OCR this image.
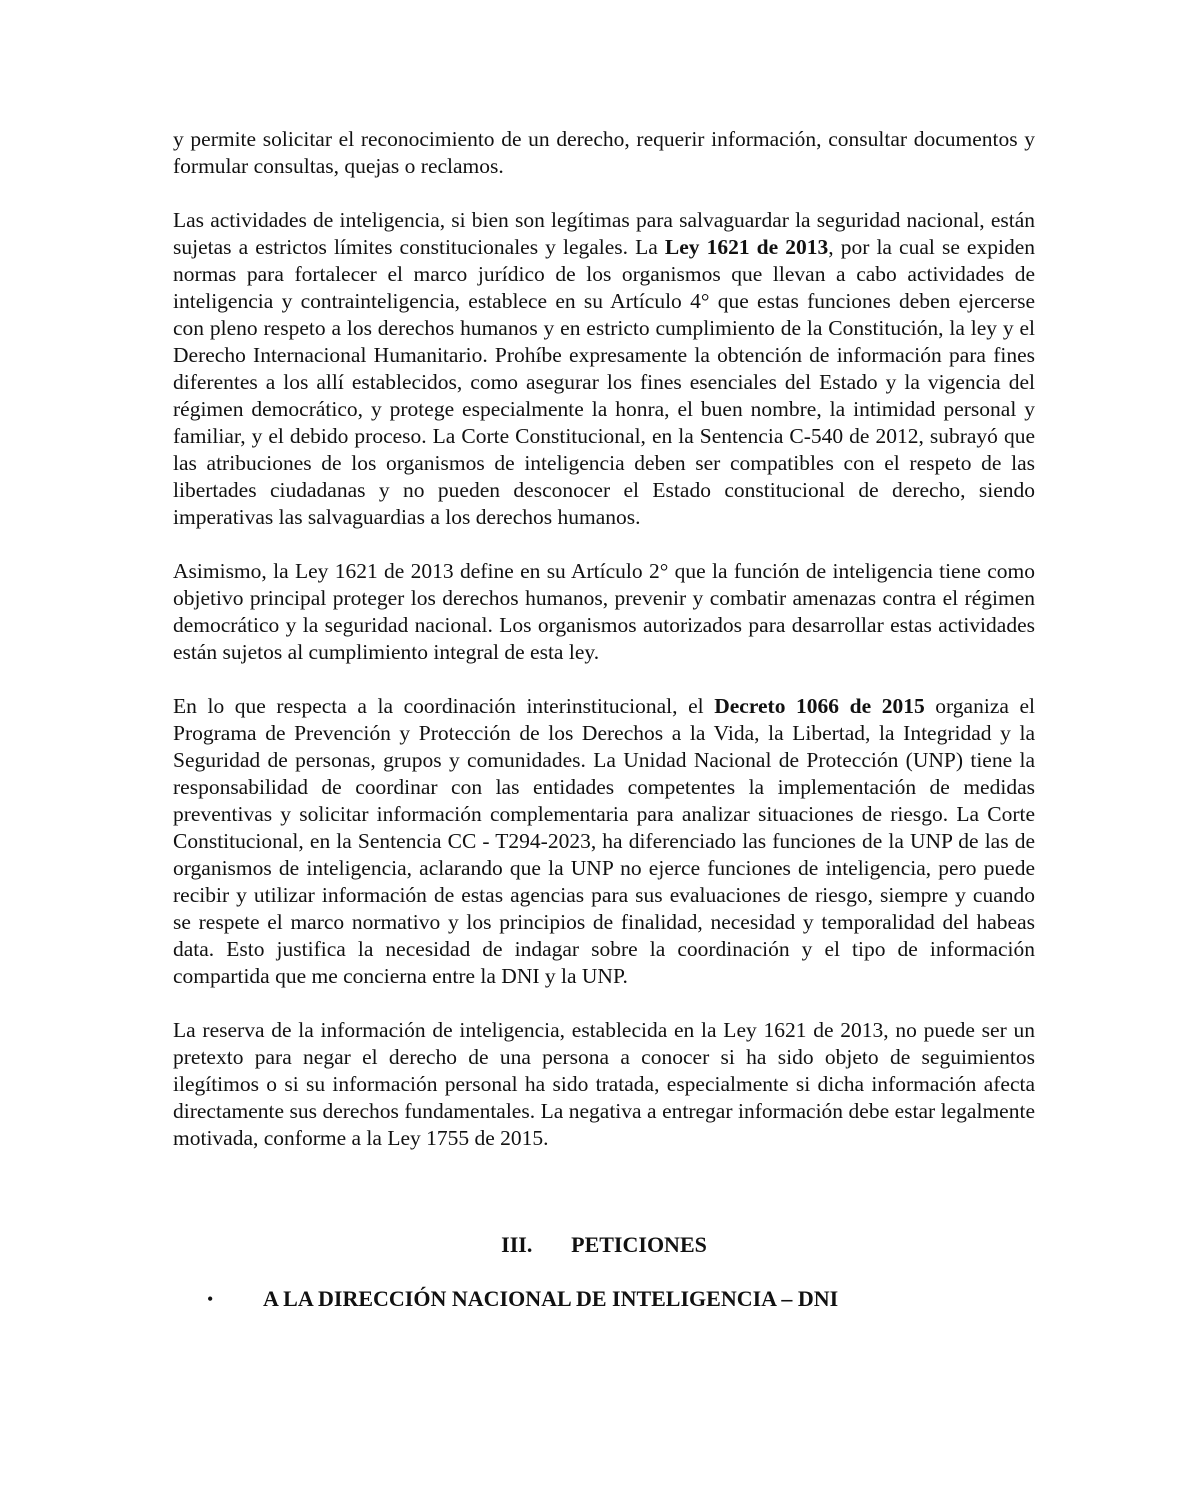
y permite solicitar el reconocimiento de un derecho, requerir información, consultar documentos y formular consultas, quejas o reclamos.

Las actividades de inteligencia, si bien son legítimas para salvaguardar la seguridad nacional, están sujetas a estrictos límites constitucionales y legales. La Ley 1621 de 2013, por la cual se expiden normas para fortalecer el marco jurídico de los organismos que llevan a cabo actividades de inteligencia y contrainteligencia, establece en su Artículo 4° que estas funciones deben ejercerse con pleno respeto a los derechos humanos y en estricto cumplimiento de la Constitución, la ley y el Derecho Internacional Humanitario. Prohíbe expresamente la obtención de información para fines diferentes a los allí establecidos, como asegurar los fines esenciales del Estado y la vigencia del régimen democrático, y protege especialmente la honra, el buen nombre, la intimidad personal y familiar, y el debido proceso. La Corte Constitucional, en la Sentencia C-540 de 2012, subrayó que las atribuciones de los organismos de inteligencia deben ser compatibles con el respeto de las libertades ciudadanas y no pueden desconocer el Estado constitucional de derecho, siendo imperativas las salvaguardias a los derechos humanos.

Asimismo, la Ley 1621 de 2013 define en su Artículo 2° que la función de inteligencia tiene como objetivo principal proteger los derechos humanos, prevenir y combatir amenazas contra el régimen democrático y la seguridad nacional. Los organismos autorizados para desarrollar estas actividades están sujetos al cumplimiento integral de esta ley.

En lo que respecta a la coordinación interinstitucional, el Decreto 1066 de 2015 organiza el Programa de Prevención y Protección de los Derechos a la Vida, la Libertad, la Integridad y la Seguridad de personas, grupos y comunidades. La Unidad Nacional de Protección (UNP) tiene la responsabilidad de coordinar con las entidades competentes la implementación de medidas preventivas y solicitar información complementaria para analizar situaciones de riesgo. La Corte Constitucional, en la Sentencia CC - T294-2023, ha diferenciado las funciones de la UNP de las de organismos de inteligencia, aclarando que la UNP no ejerce funciones de inteligencia, pero puede recibir y utilizar información de estas agencias para sus evaluaciones de riesgo, siempre y cuando se respete el marco normativo y los principios de finalidad, necesidad y temporalidad del habeas data. Esto justifica la necesidad de indagar sobre la coordinación y el tipo de información compartida que me concierna entre la DNI y la UNP.

La reserva de la información de inteligencia, establecida en la Ley 1621 de 2013, no puede ser un pretexto para negar el derecho de una persona a conocer si ha sido objeto de seguimientos ilegítimos o si su información personal ha sido tratada, especialmente si dicha información afecta directamente sus derechos fundamentales. La negativa a entregar información debe estar legalmente motivada, conforme a la Ley 1755 de 2015.

III. PETICIONES
• A LA DIRECCIÓN NACIONAL DE INTELIGENCIA – DNI
